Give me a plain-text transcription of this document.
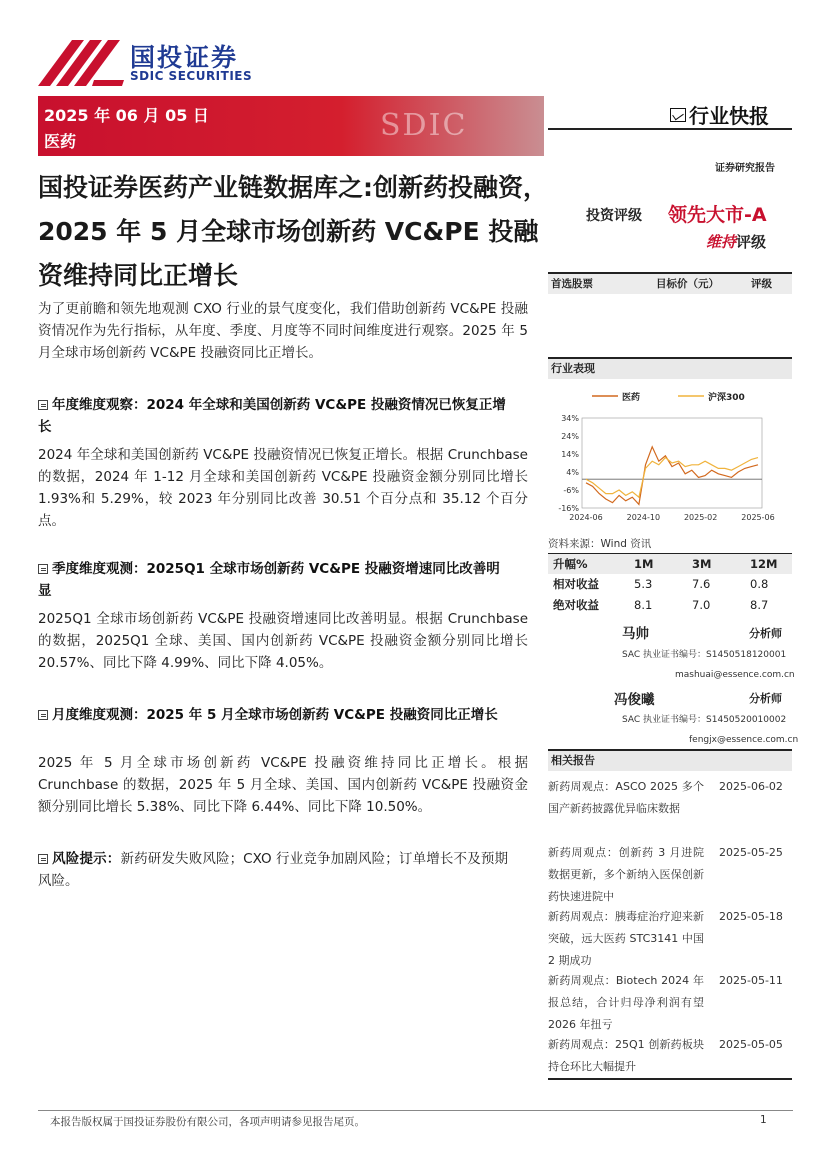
国投证券
SDIC SECURITIES
2025 年 06 月 05 日
医药	SDIC	行业快报
证券研究报告
国投证券医药产业链数据库之:创新药投融资，2025 年 5 月全球市场创新药 VC&PE 投融资维持同比正增长
投资评级 领先大市-A
维持评级
为了更前瞻和领先地观测 CXO 行业的景气度变化，我们借助创新药 VC&PE 投融资情况作为先行指标，从年度、季度、月度等不同时间维度进行观察。2025 年 5 月全球市场创新药 VC&PE 投融资同比正增长。
年度维度观察：2024 年全球和美国创新药 VC&PE 投融资情况已恢复正增长
2024 年全球和美国创新药 VC&PE 投融资情况已恢复正增长。根据 Crunchbase 的数据，2024 年 1-12 月全球和美国创新药 VC&PE 投融资金额分别同比增长 1.93%和 5.29%，较 2023 年分别同比改善 30.51 个百分点和 35.12 个百分点。
季度维度观测：2025Q1 全球市场创新药 VC&PE 投融资增速同比改善明显
2025Q1 全球市场创新药 VC&PE 投融资增速同比改善明显。根据 Crunchbase 的数据，2025Q1 全球、美国、国内创新药 VC&PE 投融资金额分别同比增长 20.57%、同比下降 4.99%、同比下降 4.05%。
月度维度观测：2025 年 5 月全球市场创新药 VC&PE 投融资同比正增长
2025 年 5 月全球市场创新药 VC&PE 投融资维持同比正增长。根据 Crunchbase 的数据，2025 年 5 月全球、美国、国内创新药 VC&PE 投融资金额分别同比增长 5.38%、同比下降 6.44%、同比下降 10.50%。
风险提示：新药研发失败风险；CXO 行业竞争加剧风险；订单增长不及预期风险。
首选股票	目标价（元）	评级
行业表现
34%
24%
14%
4%
-6%
-16%
2024-06	2024-10	2025-02	2025-06
医药	沪深300
资料来源：Wind 资讯
升幅%	1M	3M	12M
相对收益	5.3	7.6	0.8
绝对收益	8.1	7.0	8.7
马帅	分析师
SAC 执业证书编号：S1450518120001
mashuai@essence.com.cn
冯俊曦	分析师
SAC 执业证书编号：S1450520010002
fengjx@essence.com.cn
相关报告
新药周观点：ASCO 2025 多个国产新药披露优异临床数据
2025-06-02
新药周观点：创新药 3 月进院数据更新，多个新纳入医保创新药快速进院中
2025-05-25
新药周观点：胰毒症治疗迎来新突破，远大医药 STC3141 中国 2 期成功
2025-05-18
新药周观点：Biotech 2024 年报总结，合计归母净利润有望 2026 年扭亏
2025-05-11
新药周观点：25Q1 创新药板块持仓环比大幅提升
2025-05-05
本报告版权属于国投证券股份有限公司，各项声明请参见报告尾页。	1
